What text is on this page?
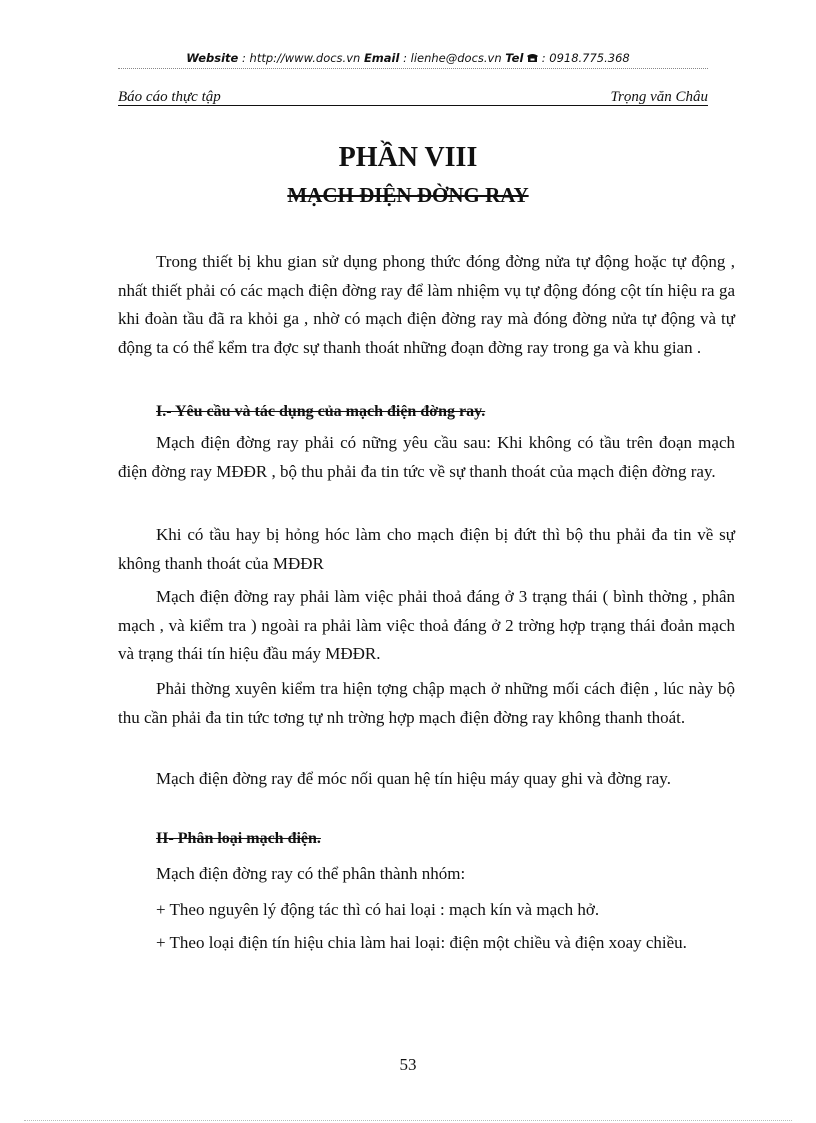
Website : http://www.docs.vn Email : lienhe@docs.vn Tel  : 0918.775.368
Báo cáo thực tập	Trọng văn Châu
PHẦN VIII
MẠCH ĐIỆN ĐỜNG RAY

Trong thiết bị khu gian sử dụng phong thức đóng đờng nửa tự động hoặc tự động , nhất thiết phải có các mạch điện đờng ray để làm nhiệm vụ tự động đóng cột tín hiệu ra ga khi đoàn tầu đã ra khỏi ga , nhờ có mạch điện đờng ray mà đóng đờng nửa tự động và tự động ta có thể kểm tra đợc sự thanh thoát những đoạn đờng ray trong ga và khu gian .

I.- Yêu cầu và tác dụng của mạch điện đờng ray.

Mạch điện đờng ray phải có nững yêu cầu sau: Khi không có tầu trên đoạn mạch điện đờng ray MĐĐR , bộ thu phải đa tin tức về sự thanh thoát của mạch điện đờng ray.

Khi có tầu hay bị hỏng hóc làm cho mạch điện bị đứt thì bộ thu phải đa tin về sự không thanh thoát của MĐĐR

Mạch điện đờng ray phải làm việc phải thoả đáng ở 3 trạng thái ( bình thờng , phân mạch , và kiểm tra ) ngoài ra phải làm việc thoả đáng ở 2 trờng hợp trạng thái đoản mạch và trạng thái tín hiệu đầu máy MĐĐR.

Phải thờng xuyên kiểm tra hiện tợng chập mạch ở những mối cách điện , lúc này bộ thu cần phải đa tin tức tơng tự nh trờng hợp mạch điện đờng ray không thanh thoát.

Mạch điện đờng ray để móc nối quan hệ tín hiệu máy quay ghi và đờng ray.

II- Phân loại mạch điện.

Mạch điện đờng ray có thể phân thành nhóm:

+ Theo nguyên lý động tác thì có hai loại : mạch kín và mạch hở.

+ Theo loại điện tín hiệu chia làm hai loại: điện một chiều và điện xoay chiều.

53
